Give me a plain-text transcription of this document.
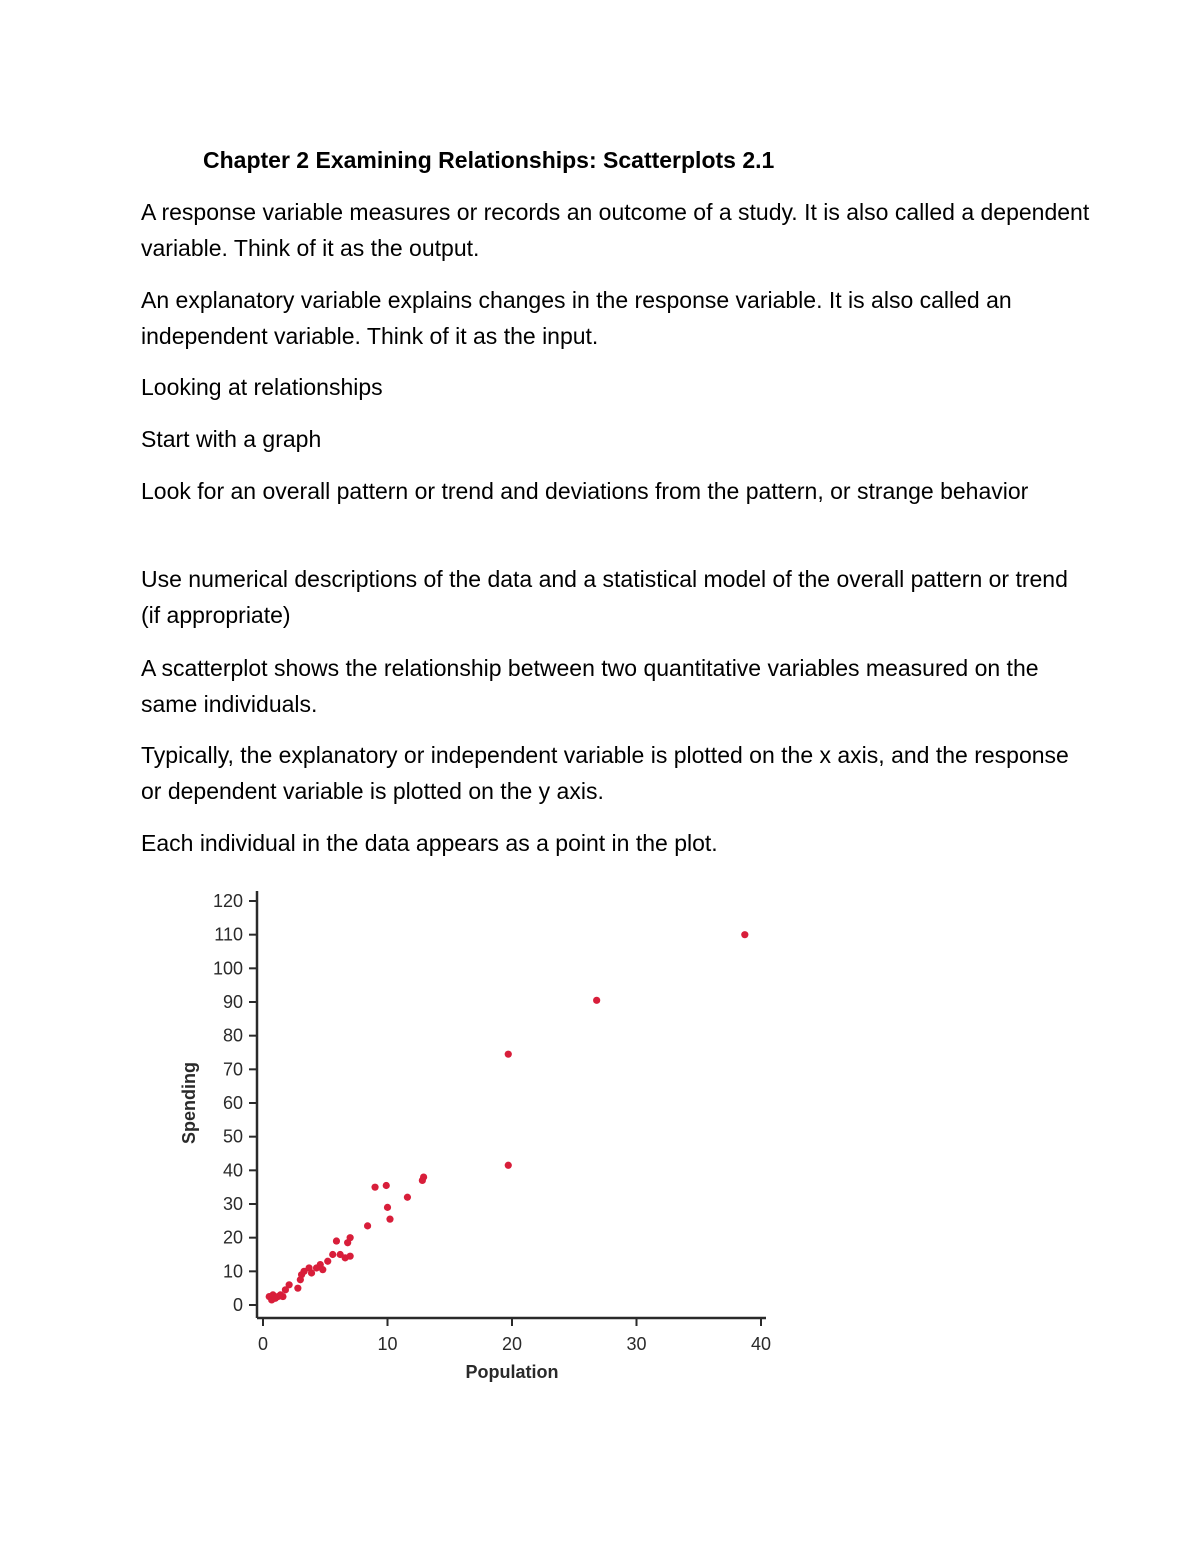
Chapter 2 Examining Relationships: Scatterplots 2.1

A response variable measures or records an outcome of a study. It is also called a dependent variable. Think of it as the output.

An explanatory variable explains changes in the response variable. It is also called an independent variable. Think of it as the input.

Looking at relationships

Start with a graph

Look for an overall pattern or trend and deviations from the pattern, or strange behavior

Use numerical descriptions of the data and a statistical model of the overall pattern or trend (if appropriate)

A scatterplot shows the relationship between two quantitative variables measured on the same individuals.

Typically, the explanatory or independent variable is plotted on the x axis, and the response or dependent variable is plotted on the y axis.

Each individual in the data appears as a point in the plot.

0
10
20
30
40
50
60
70
80
90
100
110
120
0	10	20	30	40
Spending
Population
